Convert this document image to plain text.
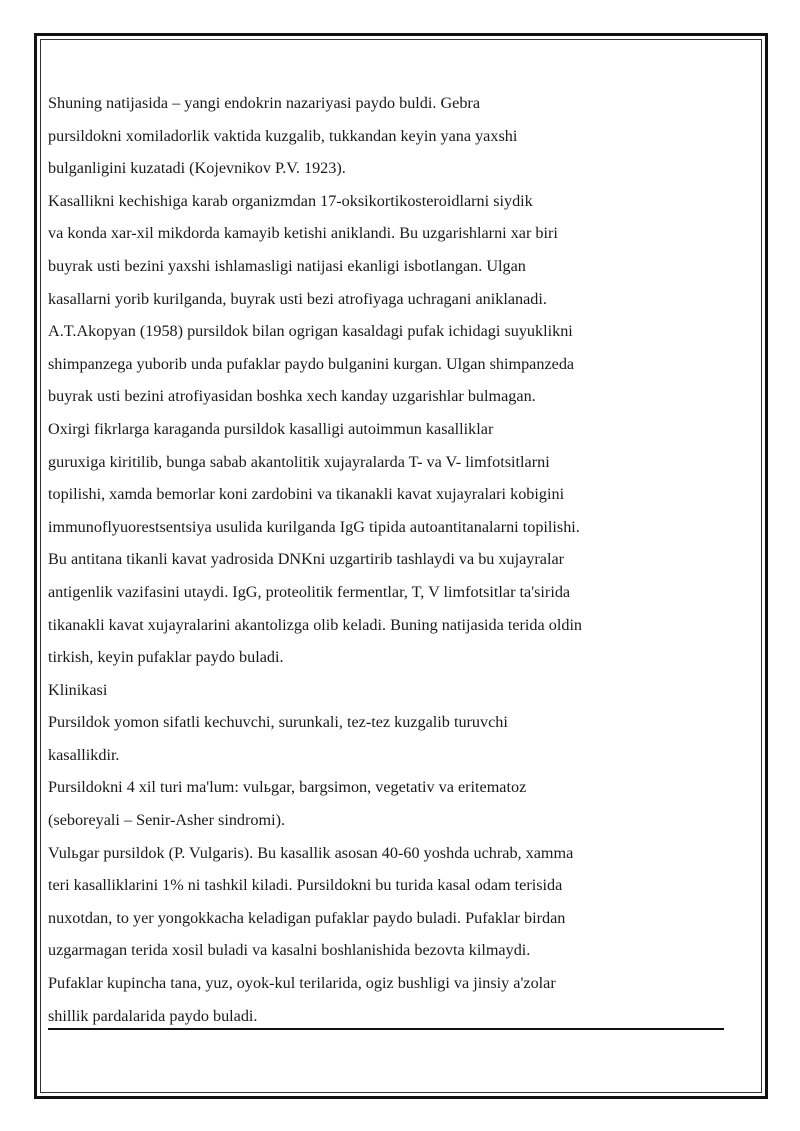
Shuning natijasida – yangi endokrin nazariyasi paydo buldi. Gebra
pursildokni xomiladorlik vaktida kuzgalib, tukkandan keyin yana yaxshi
bulganligini kuzatadi (Kojevnikov P.V. 1923).
Kasallikni kechishiga karab organizmdan 17-oksikortikosteroidlarni siydik
va konda xar-xil mikdorda kamayib ketishi aniklandi. Bu uzgarishlarni xar biri
buyrak usti bezini yaxshi ishlamasligi natijasi ekanligi isbotlangan. Ulgan
kasallarni yorib kurilganda, buyrak usti bezi atrofiyaga uchragani aniklanadi.
A.T.Akopyan (1958) pursildok bilan ogrigan kasaldagi pufak ichidagi suyuklikni
shimpanzega yuborib unda pufaklar paydo bulganini kurgan. Ulgan shimpanzeda
buyrak usti bezini atrofiyasidan boshka xech kanday uzgarishlar bulmagan.
Oxirgi fikrlarga karaganda pursildok kasalligi autoimmun kasalliklar
guruxiga kiritilib, bunga sabab akantolitik xujayralarda T- va V- limfotsitlarni
topilishi, xamda bemorlar koni zardobini va tikanakli kavat xujayralari kobigini
immunoflyuorestsentsiya usulida kurilganda IgG tipida autoantitanalarni topilishi.
Bu antitana tikanli kavat yadrosida DNKni uzgartirib tashlaydi va bu xujayralar
antigenlik vazifasini utaydi. IgG, proteolitik fermentlar, T, V limfotsitlar ta'sirida
tikanakli kavat xujayralarini akantolizga olib keladi. Buning natijasida terida oldin
tirkish, keyin pufaklar paydo buladi.
Klinikasi
Pursildok yomon sifatli kechuvchi, surunkali, tez-tez kuzgalib turuvchi
kasallikdir.
Pursildokni 4 xil turi ma'lum: vulьgar, bargsimon, vegetativ va eritematoz
(seboreyali – Senir-Asher sindromi).
Vulьgar pursildok (P. Vulgaris). Bu kasallik asosan 40-60 yoshda uchrab, xamma
teri kasalliklarini 1% ni tashkil kiladi. Pursildokni bu turida kasal odam terisida
nuxotdan, to yer yongokkacha keladigan pufaklar paydo buladi. Pufaklar birdan
uzgarmagan terida xosil buladi va kasalni boshlanishida bezovta kilmaydi.
Pufaklar kupincha tana, yuz, oyok-kul terilarida, ogiz bushligi va jinsiy a'zolar
shillik pardalarida paydo buladi.
